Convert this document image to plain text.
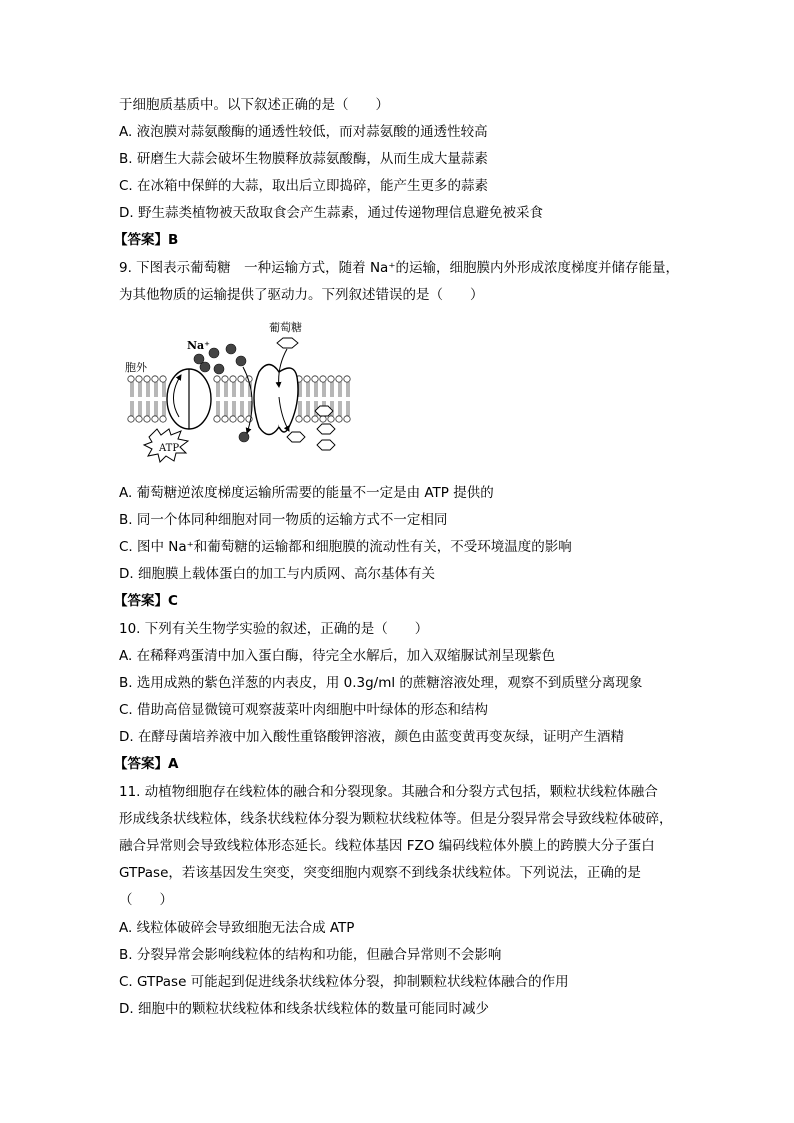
于细胞质基质中。以下叙述正确的是（　　）
A. 液泡膜对蒜氨酸酶的通透性较低，而对蒜氨酸的通透性较高
B. 研磨生大蒜会破坏生物膜释放蒜氨酸酶，从而生成大量蒜素
C. 在冰箱中保鲜的大蒜，取出后立即捣碎，能产生更多的蒜素
D. 野生蒜类植物被天敌取食会产生蒜素，通过传递物理信息避免被采食
【答案】B
9. 下图表示葡萄糖　一种运输方式，随着 Na⁺的运输，细胞膜内外形成浓度梯度并储存能量，
为其他物质的运输提供了驱动力。下列叙述错误的是（　　）
ATP
Na⁺
胞外
葡萄糖
A. 葡萄糖逆浓度梯度运输所需要的能量不一定是由 ATP 提供的
B. 同一个体同种细胞对同一物质的运输方式不一定相同
C. 图中 Na⁺和葡萄糖的运输都和细胞膜的流动性有关，不受环境温度的影响
D. 细胞膜上载体蛋白的加工与内质网、高尔基体有关
【答案】C
10. 下列有关生物学实验的叙述，正确的是（　　）
A. 在稀释鸡蛋清中加入蛋白酶，待完全水解后，加入双缩脲试剂呈现紫色
B. 选用成熟的紫色洋葱的内表皮，用 0.3g/ml 的蔗糖溶液处理，观察不到质壁分离现象
C. 借助高倍显微镜可观察菠菜叶肉细胞中叶绿体的形态和结构
D. 在酵母菌培养液中加入酸性重铬酸钾溶液，颜色由蓝变黄再变灰绿，证明产生酒精
【答案】A
11. 动植物细胞存在线粒体的融合和分裂现象。其融合和分裂方式包括，颗粒状线粒体融合
形成线条状线粒体，线条状线粒体分裂为颗粒状线粒体等。但是分裂异常会导致线粒体破碎，
融合异常则会导致线粒体形态延长。线粒体基因 FZO 编码线粒体外膜上的跨膜大分子蛋白
GTPase，若该基因发生突变，突变细胞内观察不到线条状线粒体。下列说法，正确的是
（　　）
A. 线粒体破碎会导致细胞无法合成 ATP
B. 分裂异常会影响线粒体的结构和功能，但融合异常则不会影响
C. GTPase 可能起到促进线条状线粒体分裂，抑制颗粒状线粒体融合的作用
D. 细胞中的颗粒状线粒体和线条状线粒体的数量可能同时减少
